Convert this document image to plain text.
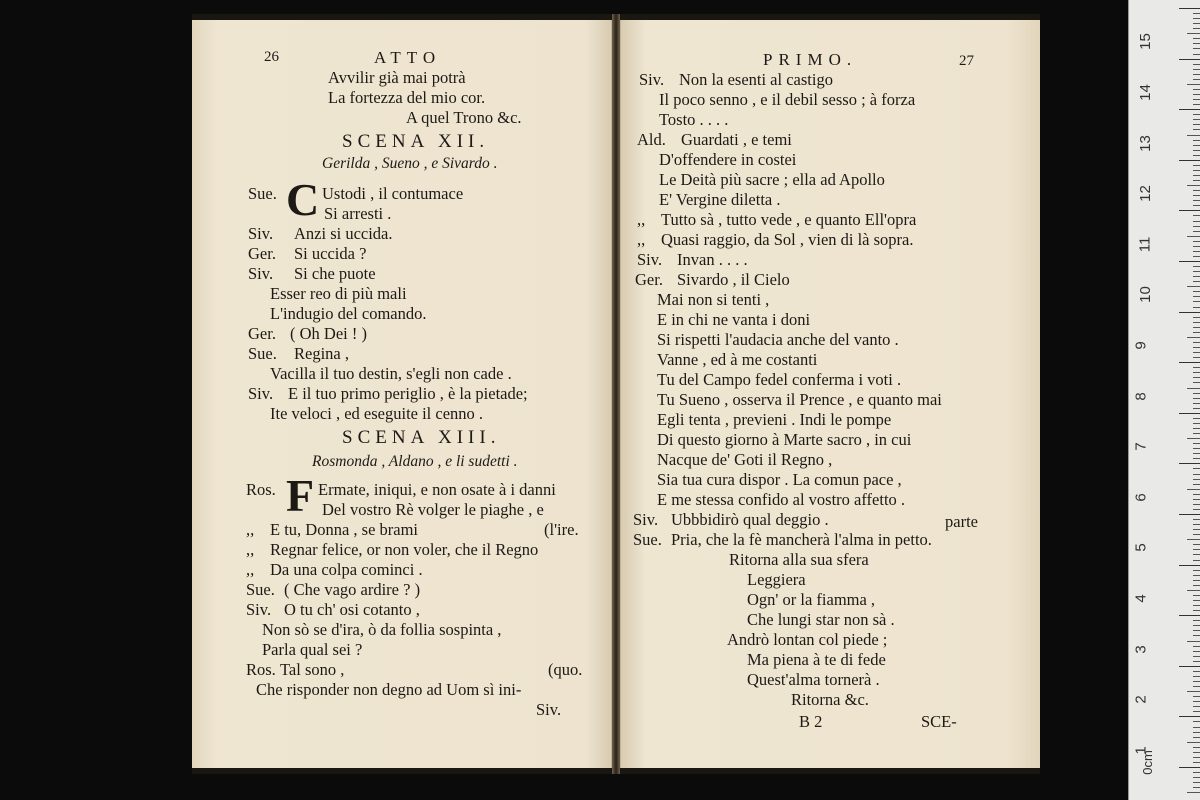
26	ATTO
Avvilir già mai potrà
La fortezza del mio cor.
A quel Trono &c.
SCENA XII.
Gerilda , Sueno , e Sivardo .
C
Sue.	Ustodi , il contumace
Si arresti .
Siv. Anzi si uccida.
Ger. Si uccida ?
Siv. Si che puote
Esser reo di più mali
L'indugio del comando.
Ger. ( Oh Dei ! )
Sue. Regina ,
Vacilla il tuo destin, s'egli non cade .
Siv. E il tuo primo periglio , è la pietade;
Ite veloci , ed eseguite il cenno .
SCENA XIII.
Rosmonda , Aldano , e li sudetti .
F
Ros.	Ermate, iniqui, e non osate à i danni
Del vostro Rè volger le piaghe , e
,, E tu, Donna , se brami	(l'ire.
,, Regnar felice, or non voler, che il Regno
,, Da una colpa cominci .
Sue. ( Che vago ardire ? )
Siv. O tu ch' osi cotanto ,
Non sò se d'ira, ò da follia sospinta ,
Parla qual sei ?
Ros. Tal sono ,	(quo.
Che risponder non degno ad Uom sì ini-
Siv.
PRIMO.	27
Siv. Non la esenti al castigo
Il poco senno , e il debil sesso ; à forza
Tosto . . . .
Ald. Guardati , e temi
D'offendere in costei
Le Deità più sacre ; ella ad Apollo
E' Vergine diletta .
,, Tutto sà , tutto vede , e quanto Ell'opra
,, Quasi raggio, da Sol , vien di là sopra.
Siv. Invan . . . .
Ger. Sivardo , il Cielo
Mai non si tenti ,
E in chi ne vanta i doni
Si rispetti l'audacia anche del vanto .
Vanne , ed à me costanti
Tu del Campo fedel conferma i voti .
Tu Sueno , osserva il Prence , e quanto mai
Egli tenta , previeni . Indi le pompe
Di questo giorno à Marte sacro , in cui
Nacque de' Goti il Regno ,
Sia tua cura dispor . La comun pace ,
E me stessa confido al vostro affetto .
Siv. Ubbbidirò qual deggio .	parte
Sue. Pria, che la fè mancherà l'alma in petto.
Ritorna alla sua sfera
Leggiera
Ogn' or la fiamma ,
Che lungi star non sà .
Andrò lontan col piede ;
Ma piena à te di fede
Quest'alma tornerà .
Ritorna &c.
B 2	SCE-
15
14
13
12
11
10
9
8
7
6
5
4
3
2
1
0cm
